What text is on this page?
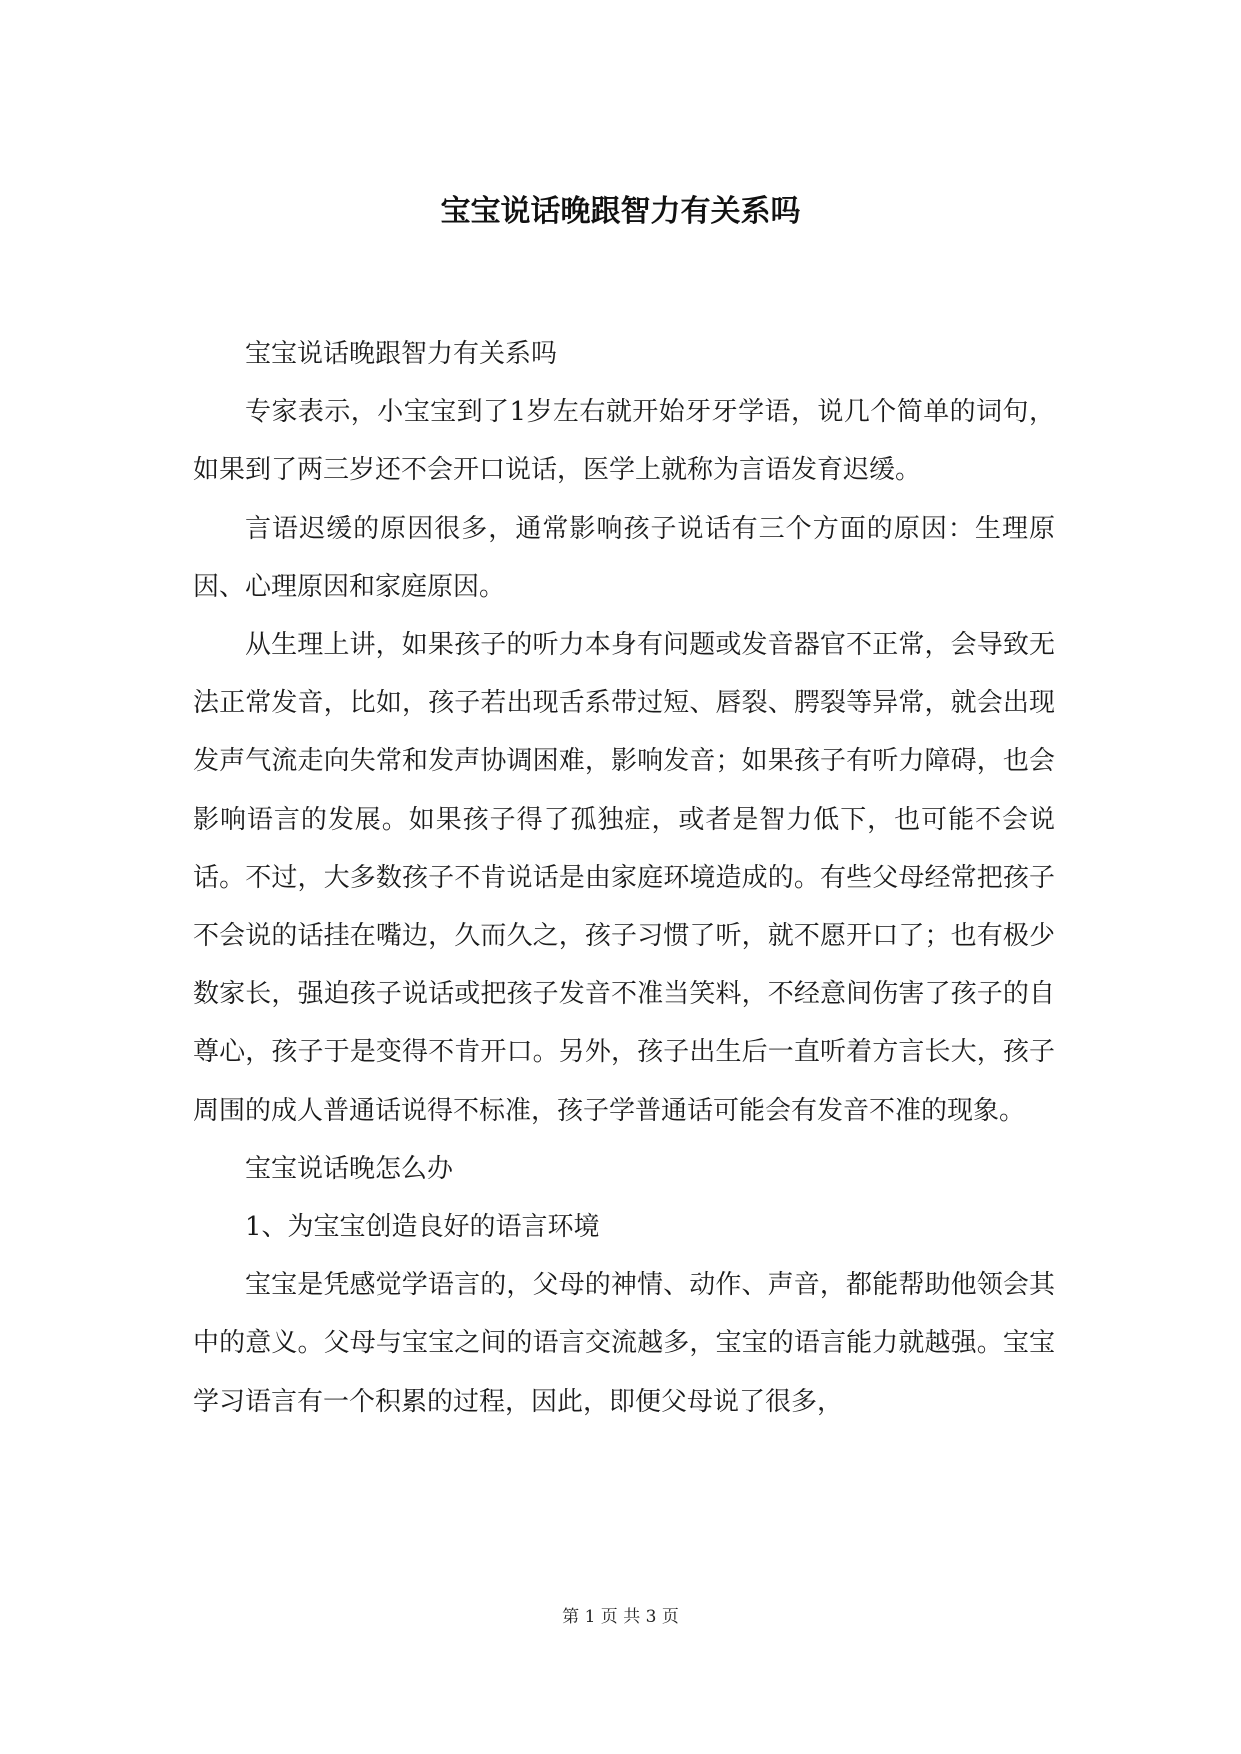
宝宝说话晚跟智力有关系吗

宝宝说话晚跟智力有关系吗

专家表示，小宝宝到了1岁左右就开始牙牙学语，说几个简单的词句，如果到了两三岁还不会开口说话，医学上就称为言语发育迟缓。

言语迟缓的原因很多，通常影响孩子说话有三个方面的原因：生理原因、心理原因和家庭原因。

从生理上讲，如果孩子的听力本身有问题或发音器官不正常，会导致无法正常发音，比如，孩子若出现舌系带过短、唇裂、腭裂等异常，就会出现发声气流走向失常和发声协调困难，影响发音；如果孩子有听力障碍，也会影响语言的发展。如果孩子得了孤独症，或者是智力低下，也可能不会说话。不过，大多数孩子不肯说话是由家庭环境造成的。有些父母经常把孩子不会说的话挂在嘴边，久而久之，孩子习惯了听，就不愿开口了；也有极少数家长，强迫孩子说话或把孩子发音不准当笑料，不经意间伤害了孩子的自尊心，孩子于是变得不肯开口。另外，孩子出生后一直听着方言长大，孩子周围的成人普通话说得不标准，孩子学普通话可能会有发音不准的现象。

宝宝说话晚怎么办

1、为宝宝创造良好的语言环境

宝宝是凭感觉学语言的，父母的神情、动作、声音，都能帮助他领会其中的意义。父母与宝宝之间的语言交流越多，宝宝的语言能力就越强。宝宝学习语言有一个积累的过程，因此，即便父母说了很多，

第 1 页 共 3 页
